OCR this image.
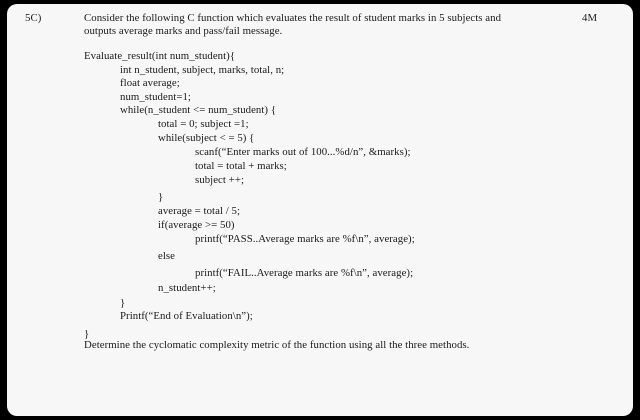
5C)	Consider the following C function which evaluates the result of student marks in 5 subjects and	4M
outputs average marks and pass/fail message.
Evaluate_result(int num_student){
int n_student, subject, marks, total, n;
float average;
num_student=1;
while(n_student <= num_student) {
total = 0; subject =1;
while(subject < = 5) {
scanf(“Enter marks out of 100...%d/n”, &marks);
total = total + marks;
subject ++;
}
average = total / 5;
if(average >= 50)
printf(“PASS..Average marks are %f\n”, average);
else
printf(“FAIL..Average marks are %f\n”, average);
n_student++;
}
Printf(“End of Evaluation\n”);
}
Determine the cyclomatic complexity metric of the function using all the three methods.
